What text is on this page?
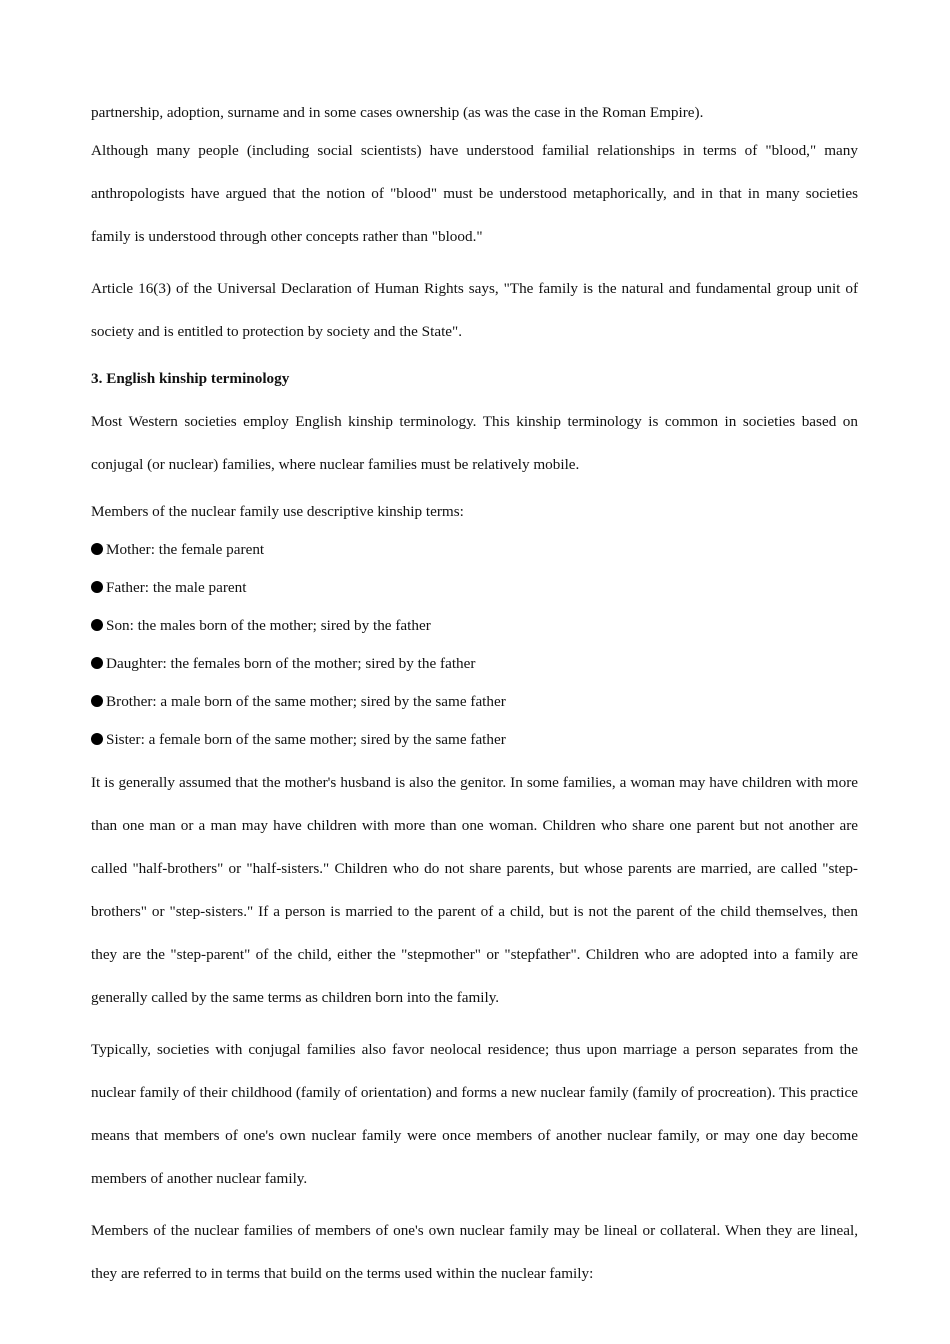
partnership, adoption, surname and in some cases ownership (as was the case in the Roman Empire).

Although many people (including social scientists) have understood familial relationships in terms of "blood," many anthropologists have argued that the notion of "blood" must be understood metaphorically, and in that in many societies family is understood through other concepts rather than "blood."

Article 16(3) of the Universal Declaration of Human Rights says, "The family is the natural and fundamental group unit of society and is entitled to protection by society and the State".

3. English kinship terminology

Most Western societies employ English kinship terminology. This kinship terminology is common in societies based on conjugal (or nuclear) families, where nuclear families must be relatively mobile.

Members of the nuclear family use descriptive kinship terms:

Mother: the female parent
Father: the male parent
Son: the males born of the mother; sired by the father
Daughter: the females born of the mother; sired by the father
Brother: a male born of the same mother; sired by the same father
Sister: a female born of the same mother; sired by the same father

It is generally assumed that the mother's husband is also the genitor. In some families, a woman may have children with more than one man or a man may have children with more than one woman. Children who share one parent but not another are called "half-brothers" or "half-sisters." Children who do not share parents, but whose parents are married, are called "step-brothers" or "step-sisters." If a person is married to the parent of a child, but is not the parent of the child themselves, then they are the "step-parent" of the child, either the "stepmother" or "stepfather". Children who are adopted into a family are generally called by the same terms as children born into the family.

Typically, societies with conjugal families also favor neolocal residence; thus upon marriage a person separates from the nuclear family of their childhood (family of orientation) and forms a new nuclear family (family of procreation). This practice means that members of one's own nuclear family were once members of another nuclear family, or may one day become members of another nuclear family.

Members of the nuclear families of members of one's own nuclear family may be lineal or collateral. When they are lineal, they are referred to in terms that build on the terms used within the nuclear family:
